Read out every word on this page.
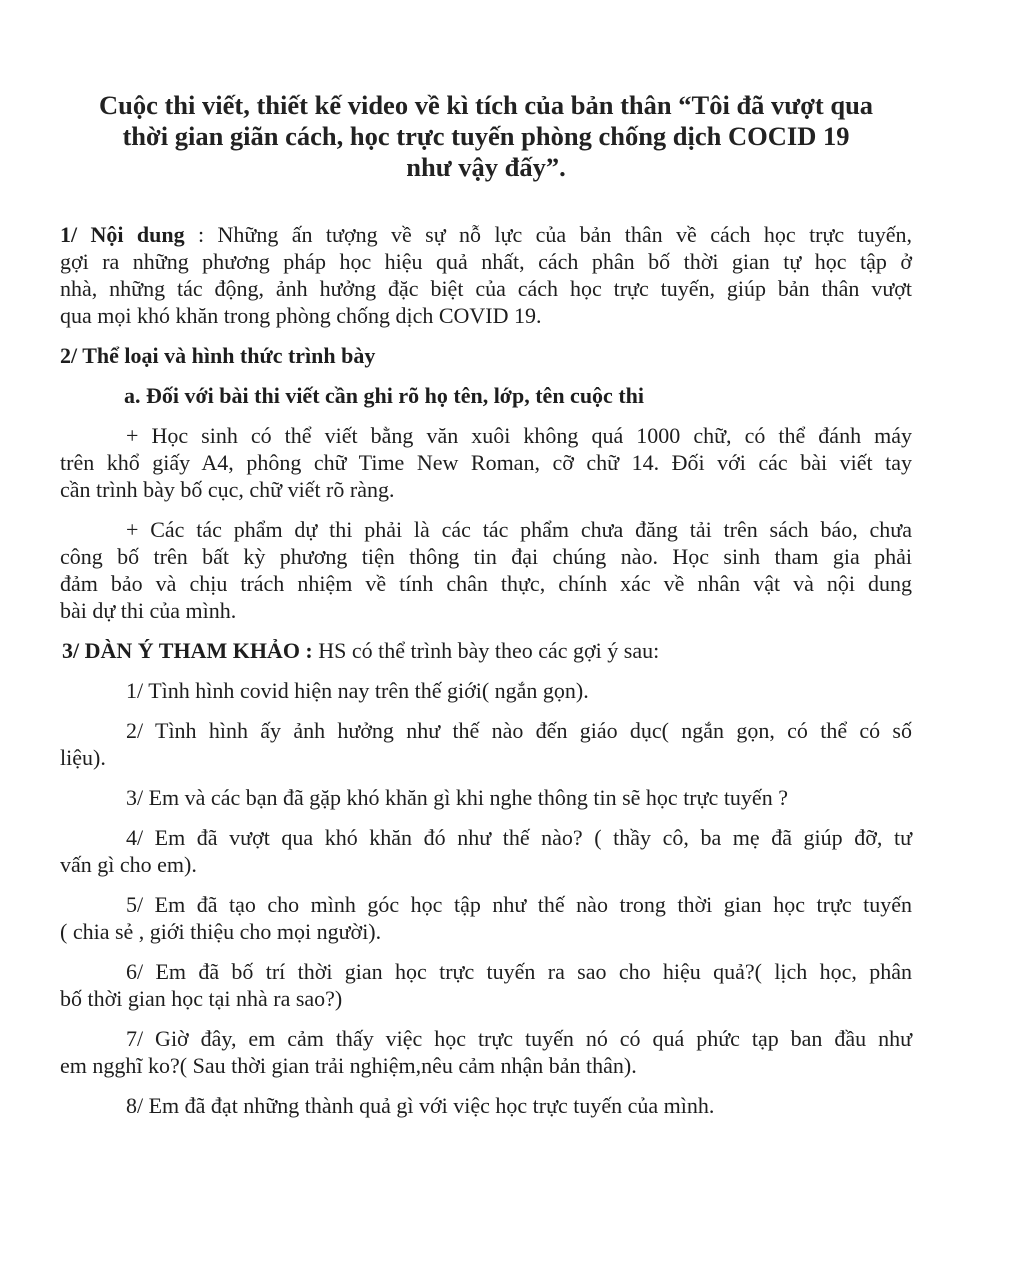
Cuộc thi viết, thiết kế video về kì tích của bản thân “Tôi đã vượt qua
thời gian giãn cách, học trực tuyến phòng chống dịch COCID 19
như vậy đấy”.
1/ Nội dung : Những ấn tượng về sự nỗ lực của bản thân về cách học trực tuyến,
gợi ra những phương pháp học hiệu quả nhất, cách phân bố thời gian tự học tập ở
nhà, những tác động, ảnh hưởng đặc biệt của cách học trực tuyến, giúp bản thân vượt
qua mọi khó khăn trong phòng chống dịch COVID 19.
2/ Thể loại và hình thức trình bày
a. Đối với bài thi viết cần ghi rõ họ tên, lớp, tên cuộc thi
+ Học sinh có thể viết bằng văn xuôi không quá 1000 chữ, có thể đánh máy
trên khổ giấy A4, phông chữ Time New Roman, cỡ chữ 14. Đối với các bài viết tay
cần trình bày bố cục, chữ viết rõ ràng.
+ Các tác phẩm dự thi phải là các tác phẩm chưa đăng tải trên sách báo, chưa
công bố trên bất kỳ phương tiện thông tin đại chúng nào. Học sinh tham gia phải
đảm bảo và chịu trách nhiệm về tính chân thực, chính xác về nhân vật và nội dung
bài dự thi của mình.
3/ DÀN Ý THAM KHẢO : HS có thể trình bày theo các gợi ý sau:
1/ Tình hình covid hiện nay trên thế giới( ngắn gọn).
2/ Tình hình ấy ảnh hưởng như thế nào đến giáo dục( ngắn gọn, có thể có số
liệu).
3/ Em và các bạn đã gặp khó khăn gì khi nghe thông tin sẽ học trực tuyến ?
4/ Em đã vượt qua khó khăn đó như thế nào? ( thầy cô, ba mẹ đã giúp đỡ, tư
vấn gì cho em).
5/ Em đã tạo cho mình góc học tập như thế nào trong thời gian học trực tuyến
( chia sẻ , giới thiệu cho mọi người).
6/ Em đã bố trí thời gian học trực tuyến ra sao cho hiệu quả?( lịch học, phân
bố thời gian học tại nhà ra sao?)
7/ Giờ đây, em cảm thấy việc học trực tuyến nó có quá phức tạp ban đầu như
em ngghĩ ko?( Sau thời gian trải nghiệm,nêu cảm nhận bản thân).
8/ Em đã đạt những thành quả gì với việc học trực tuyến của mình.
